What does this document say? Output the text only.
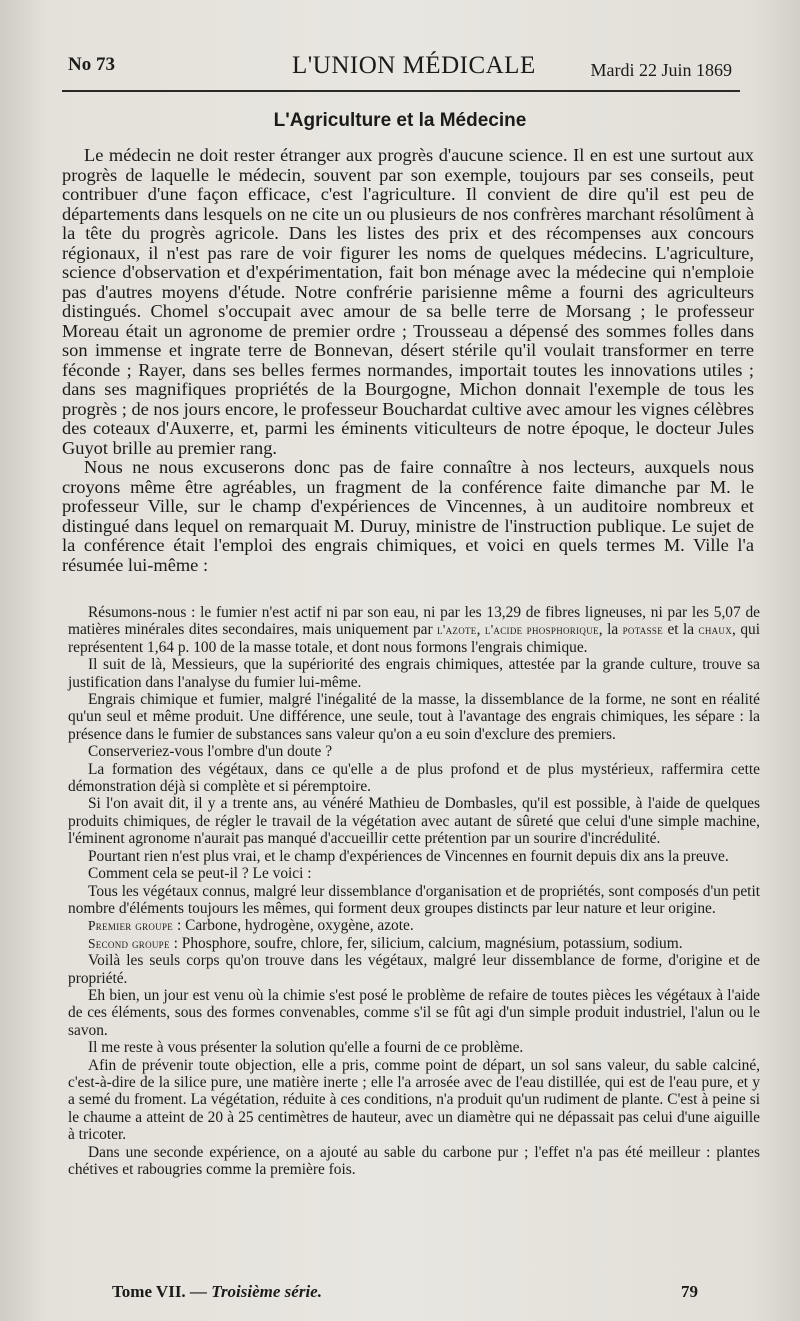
No 73	L'UNION MÉDICALE	Mardi 22 Juin 1869
L'Agriculture et la Médecine

Le médecin ne doit rester étranger aux progrès d'aucune science. Il en est une surtout aux progrès de laquelle le médecin, souvent par son exemple, toujours par ses conseils, peut contribuer d'une façon efficace, c'est l'agriculture. Il convient de dire qu'il est peu de départements dans lesquels on ne cite un ou plusieurs de nos confrères marchant résolûment à la tête du progrès agricole. Dans les listes des prix et des récompenses aux concours régionaux, il n'est pas rare de voir figurer les noms de quelques médecins. L'agriculture, science d'observation et d'expérimentation, fait bon ménage avec la médecine qui n'emploie pas d'autres moyens d'étude. Notre confrérie parisienne même a fourni des agriculteurs distingués. Chomel s'occupait avec amour de sa belle terre de Morsang ; le professeur Moreau était un agronome de premier ordre ; Trousseau a dépensé des sommes folles dans son immense et ingrate terre de Bonnevan, désert stérile qu'il voulait transformer en terre féconde ; Rayer, dans ses belles fermes normandes, importait toutes les innovations utiles ; dans ses magnifiques propriétés de la Bourgogne, Michon donnait l'exemple de tous les progrès ; de nos jours encore, le professeur Bouchardat cultive avec amour les vignes célèbres des coteaux d'Auxerre, et, parmi les éminents viticulteurs de notre époque, le docteur Jules Guyot brille au premier rang.

Nous ne nous excuserons donc pas de faire connaître à nos lecteurs, auxquels nous croyons même être agréables, un fragment de la conférence faite dimanche par M. le professeur Ville, sur le champ d'expériences de Vincennes, à un auditoire nombreux et distingué dans lequel on remarquait M. Duruy, ministre de l'instruction publique. Le sujet de la conférence était l'emploi des engrais chimiques, et voici en quels termes M. Ville l'a résumée lui-même :

Résumons-nous : le fumier n'est actif ni par son eau, ni par les 13,29 de fibres ligneuses, ni par les 5,07 de matières minérales dites secondaires, mais uniquement par l'azote, l'acide phosphorique, la potasse et la chaux, qui représentent 1,64 p. 100 de la masse totale, et dont nous formons l'engrais chimique.

Il suit de là, Messieurs, que la supériorité des engrais chimiques, attestée par la grande culture, trouve sa justification dans l'analyse du fumier lui-même.

Engrais chimique et fumier, malgré l'inégalité de la masse, la dissemblance de la forme, ne sont en réalité qu'un seul et même produit. Une différence, une seule, tout à l'avantage des engrais chimiques, les sépare : la présence dans le fumier de substances sans valeur qu'on a eu soin d'exclure des premiers.

Conserveriez-vous l'ombre d'un doute ?

La formation des végétaux, dans ce qu'elle a de plus profond et de plus mystérieux, raffermira cette démonstration déjà si complète et si péremptoire.

Si l'on avait dit, il y a trente ans, au vénéré Mathieu de Dombasles, qu'il est possible, à l'aide de quelques produits chimiques, de régler le travail de la végétation avec autant de sûreté que celui d'une simple machine, l'éminent agronome n'aurait pas manqué d'accueillir cette prétention par un sourire d'incrédulité.

Pourtant rien n'est plus vrai, et le champ d'expériences de Vincennes en fournit depuis dix ans la preuve.

Comment cela se peut-il ? Le voici :

Tous les végétaux connus, malgré leur dissemblance d'organisation et de propriétés, sont composés d'un petit nombre d'éléments toujours les mêmes, qui forment deux groupes distincts par leur nature et leur origine.

Premier groupe : Carbone, hydrogène, oxygène, azote.

Second groupe : Phosphore, soufre, chlore, fer, silicium, calcium, magnésium, potassium, sodium.

Voilà les seuls corps qu'on trouve dans les végétaux, malgré leur dissemblance de forme, d'origine et de propriété.

Eh bien, un jour est venu où la chimie s'est posé le problème de refaire de toutes pièces les végétaux à l'aide de ces éléments, sous des formes convenables, comme s'il se fût agi d'un simple produit industriel, l'alun ou le savon.

Il me reste à vous présenter la solution qu'elle a fourni de ce problème.

Afin de prévenir toute objection, elle a pris, comme point de départ, un sol sans valeur, du sable calciné, c'est-à-dire de la silice pure, une matière inerte ; elle l'a arrosée avec de l'eau distillée, qui est de l'eau pure, et y a semé du froment. La végétation, réduite à ces conditions, n'a produit qu'un rudiment de plante. C'est à peine si le chaume a atteint de 20 à 25 centimètres de hauteur, avec un diamètre qui ne dépassait pas celui d'une aiguille à tricoter.

Dans une seconde expérience, on a ajouté au sable du carbone pur ; l'effet n'a pas été meilleur : plantes chétives et rabougries comme la première fois.

Tome VII. — Troisième série.	79
